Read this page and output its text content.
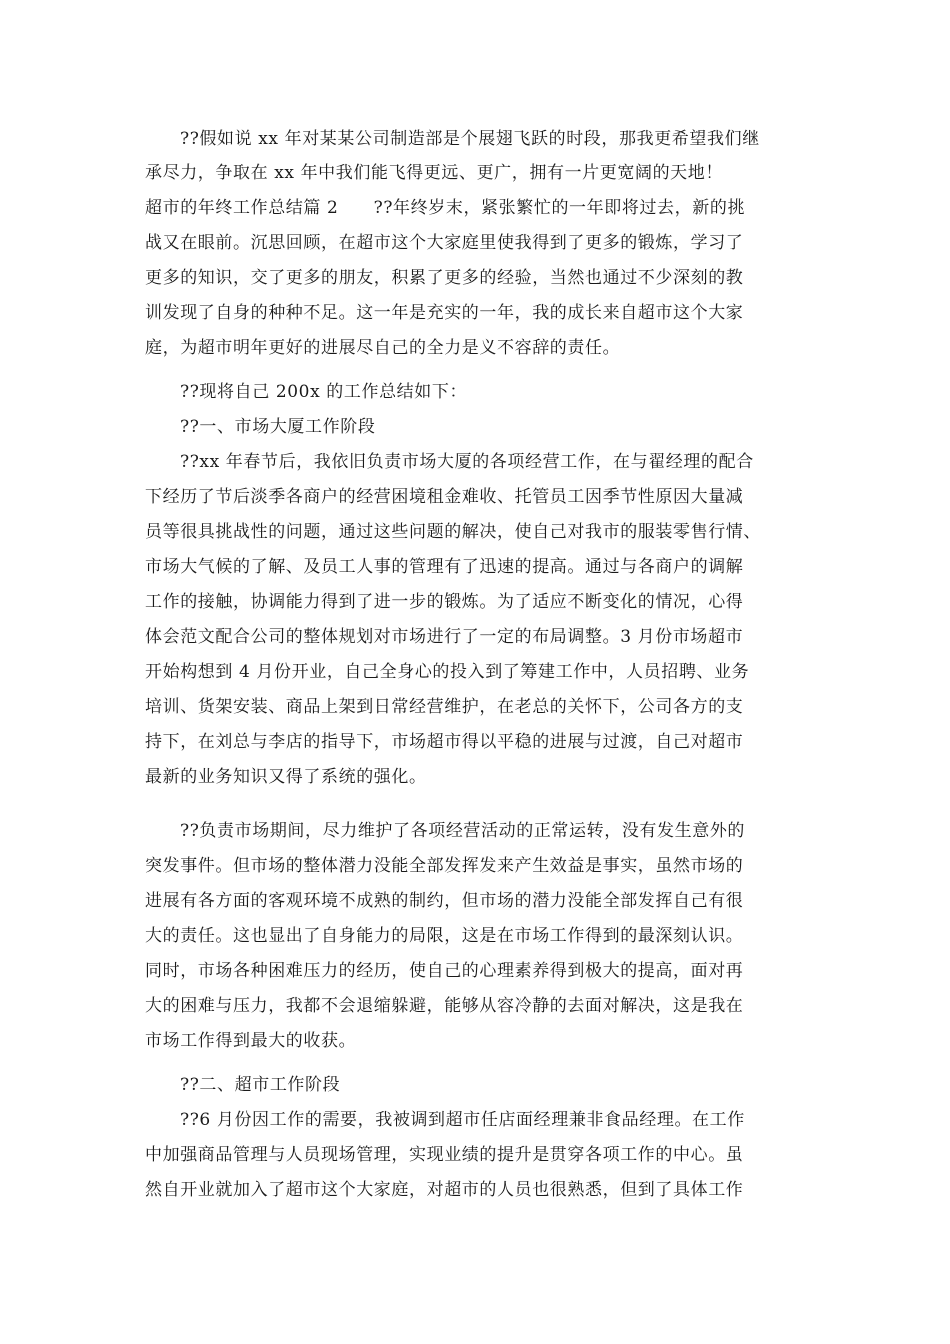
??假如说 xx 年对某某公司制造部是个展翅飞跃的时段，那我更希望我们继
承尽力，争取在 xx 年中我们能飞得更远、更广，拥有一片更宽阔的天地！
超市的年终工作总结篇 2　　??年终岁末，紧张繁忙的一年即将过去，新的挑
战又在眼前。沉思回顾，在超市这个大家庭里使我得到了更多的锻炼，学习了
更多的知识，交了更多的朋友，积累了更多的经验，当然也通过不少深刻的教
训发现了自身的种种不足。这一年是充实的一年，我的成长来自超市这个大家
庭，为超市明年更好的进展尽自己的全力是义不容辞的责任。
??现将自己 200x 的工作总结如下：
??一、市场大厦工作阶段
??xx 年春节后，我依旧负责市场大厦的各项经营工作，在与翟经理的配合
下经历了节后淡季各商户的经营困境租金难收、托管员工因季节性原因大量减
员等很具挑战性的问题，通过这些问题的解决，使自己对我市的服装零售行情、
市场大气候的了解、及员工人事的管理有了迅速的提高。通过与各商户的调解
工作的接触，协调能力得到了进一步的锻炼。为了适应不断变化的情况，心得
体会范文配合公司的整体规划对市场进行了一定的布局调整。3 月份市场超市
开始构想到 4 月份开业，自己全身心的投入到了筹建工作中，人员招聘、业务
培训、货架安装、商品上架到日常经营维护，在老总的关怀下，公司各方的支
持下，在刘总与李店的指导下，市场超市得以平稳的进展与过渡，自己对超市
最新的业务知识又得了系统的强化。
??负责市场期间，尽力维护了各项经营活动的正常运转，没有发生意外的
突发事件。但市场的整体潜力没能全部发挥发来产生效益是事实，虽然市场的
进展有各方面的客观环境不成熟的制约，但市场的潜力没能全部发挥自己有很
大的责任。这也显出了自身能力的局限，这是在市场工作得到的最深刻认识。
同时，市场各种困难压力的经历，使自己的心理素养得到极大的提高，面对再
大的困难与压力，我都不会退缩躲避，能够从容冷静的去面对解决，这是我在
市场工作得到最大的收获。
??二、超市工作阶段
??6 月份因工作的需要，我被调到超市任店面经理兼非食品经理。在工作
中加强商品管理与人员现场管理，实现业绩的提升是贯穿各项工作的中心。虽
然自开业就加入了超市这个大家庭，对超市的人员也很熟悉，但到了具体工作
